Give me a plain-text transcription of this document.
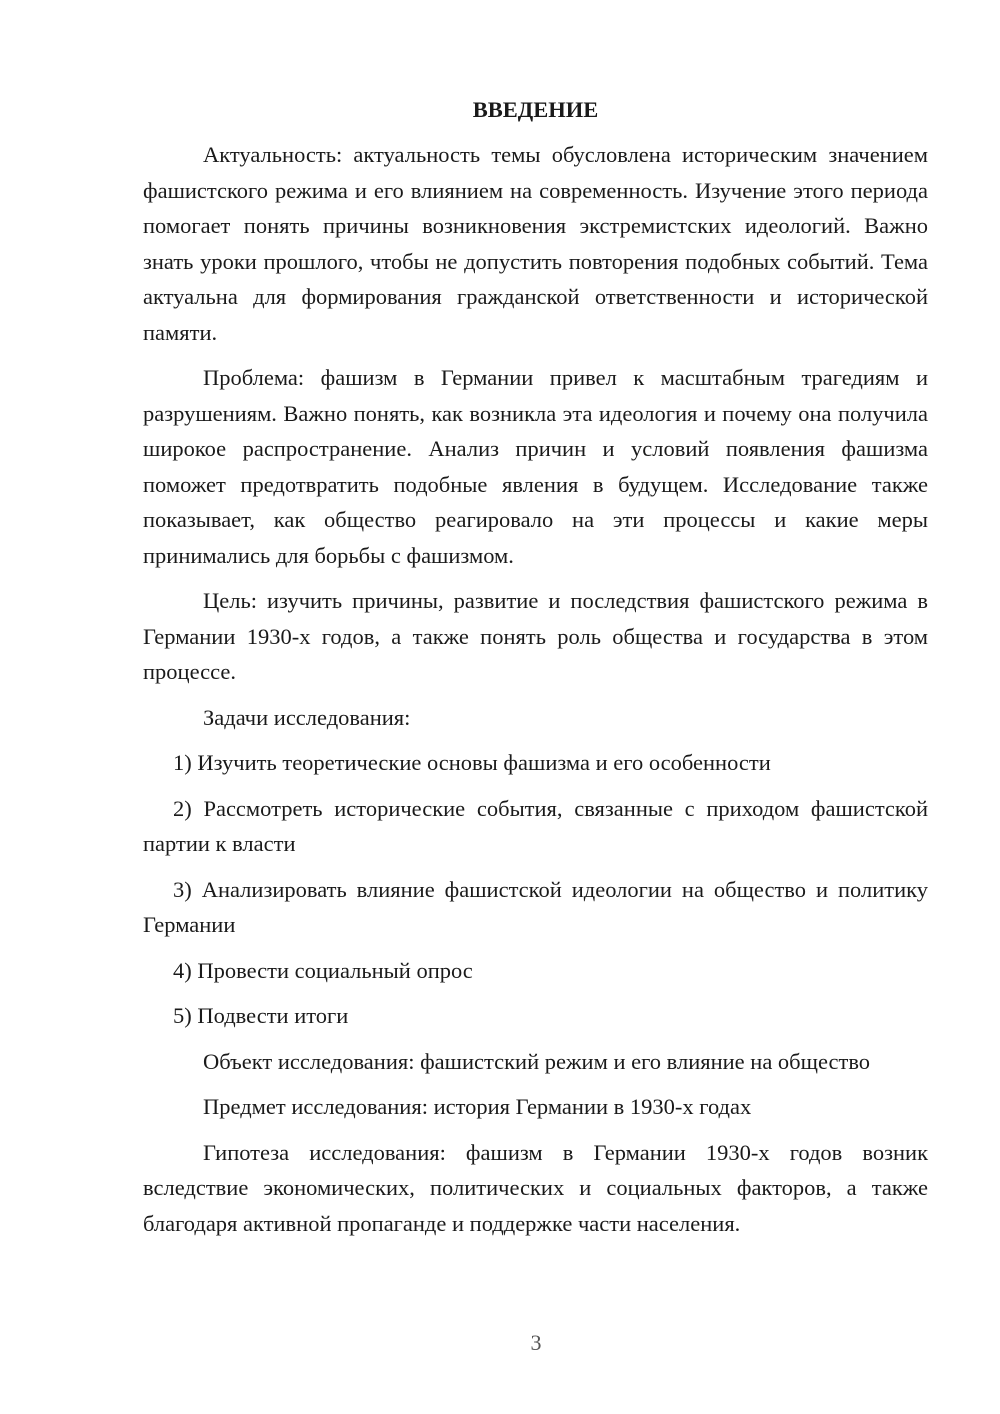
ВВЕДЕНИЕ

Актуальность: актуальность темы обусловлена историческим значением фашистского режима и его влиянием на современность. Изучение этого периода помогает понять причины возникновения экстремистских идеологий. Важно знать уроки прошлого, чтобы не допустить повторения подобных событий. Тема актуальна для формирования гражданской ответственности и исторической памяти.

Проблема: фашизм в Германии привел к масштабным трагедиям и разрушениям. Важно понять, как возникла эта идеология и почему она получила широкое распространение. Анализ причин и условий появления фашизма поможет предотвратить подобные явления в будущем. Исследование также показывает, как общество реагировало на эти процессы и какие меры принимались для борьбы с фашизмом.

Цель: изучить причины, развитие и последствия фашистского режима в Германии 1930-х годов, а также понять роль общества и государства в этом процессе.

Задачи исследования:

1) Изучить теоретические основы фашизма и его особенности

2) Рассмотреть исторические события, связанные с приходом фашистской партии к власти

3) Анализировать влияние фашистской идеологии на общество и политику Германии

4) Провести социальный опрос

5) Подвести итоги

Объект исследования: фашистский режим и его влияние на общество

Предмет исследования: история Германии в 1930-х годах

Гипотеза исследования: фашизм в Германии 1930-х годов возник вследствие экономических, политических и социальных факторов, а также благодаря активной пропаганде и поддержке части населения.

3
